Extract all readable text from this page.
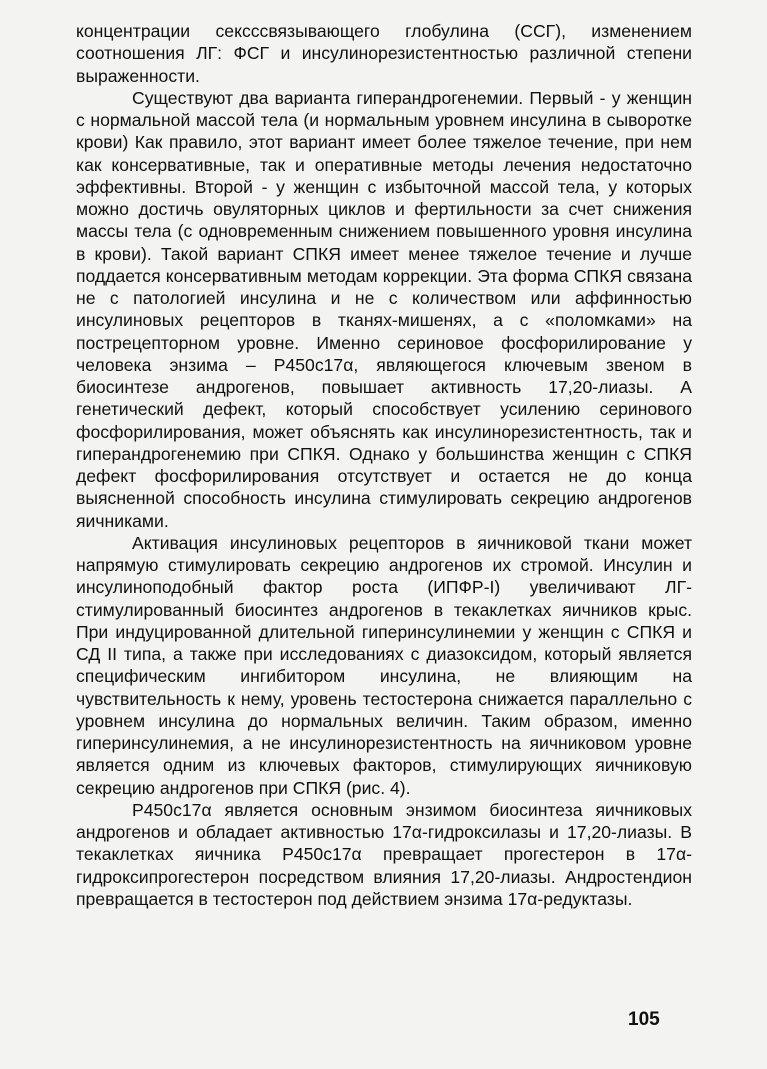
концентрации сексссвязывающего глобулина (ССГ), изменением соотношения ЛГ: ФСГ и инсулинорезистентностью различной степени выраженности.

Существуют два варианта гиперандрогенемии. Первый - у женщин с нормальной массой тела (и нормальным уровнем инсулина в сыворотке крови) Как правило, этот вариант имеет более тяжелое течение, при нем как консервативные, так и оперативные методы лечения недостаточно эффективны. Второй - у женщин с избыточной массой тела, у которых можно достичь овуляторных циклов и фертильности за счет снижения массы тела (с одновременным снижением повышенного уровня инсулина в крови). Такой вариант СПКЯ имеет менее тяжелое течение и лучше поддается консервативным методам коррекции. Эта форма СПКЯ связана не с патологией инсулина и не с количеством или аффинностью инсулиновых рецепторов в тканях-мишенях, а с «поломками» на пострецепторном уровне. Именно сериновое фосфорилирование у человека энзима – Р450с17α, являющегося ключевым звеном в биосинтезе андрогенов, повышает активность 17,20-лиазы. А генетический дефект, который способствует усилению серинового фосфорилирования, может объяснять как инсулинорезистентность, так и гиперандрогенемию при СПКЯ. Однако у большинства женщин с СПКЯ дефект фосфорилирования отсутствует и остается не до конца выясненной способность инсулина стимулировать секрецию андрогенов яичниками.

Активация инсулиновых рецепторов в яичниковой ткани может напрямую стимулировать секрецию андрогенов их стромой. Инсулин и инсулиноподобный фактор роста (ИПФР-I) увеличивают ЛГ-стимулированный биосинтез андрогенов в текаклетках яичников крыс. При индуцированной длительной гиперинсулинемии у женщин с СПКЯ и СД II типа, а также при исследованиях с диазоксидом, который является специфическим ингибитором инсулина, не влияющим на чувствительность к нему, уровень тестостерона снижается параллельно с уровнем инсулина до нормальных величин. Таким образом, именно гиперинсулинемия, а не инсулинорезистентность на яичниковом уровне является одним из ключевых факторов, стимулирующих яичниковую секрецию андрогенов при СПКЯ (рис. 4).

Р450с17α является основным энзимом биосинтеза яичниковых андрогенов и обладает активностью 17α-гидроксилазы и 17,20-лиазы. В текаклетках яичника Р450с17α превращает прогестерон в 17α-гидроксипрогестерон посредством влияния 17,20-лиазы. Андростендион превращается в тестостерон под действием энзима 17α-редуктазы.

105
